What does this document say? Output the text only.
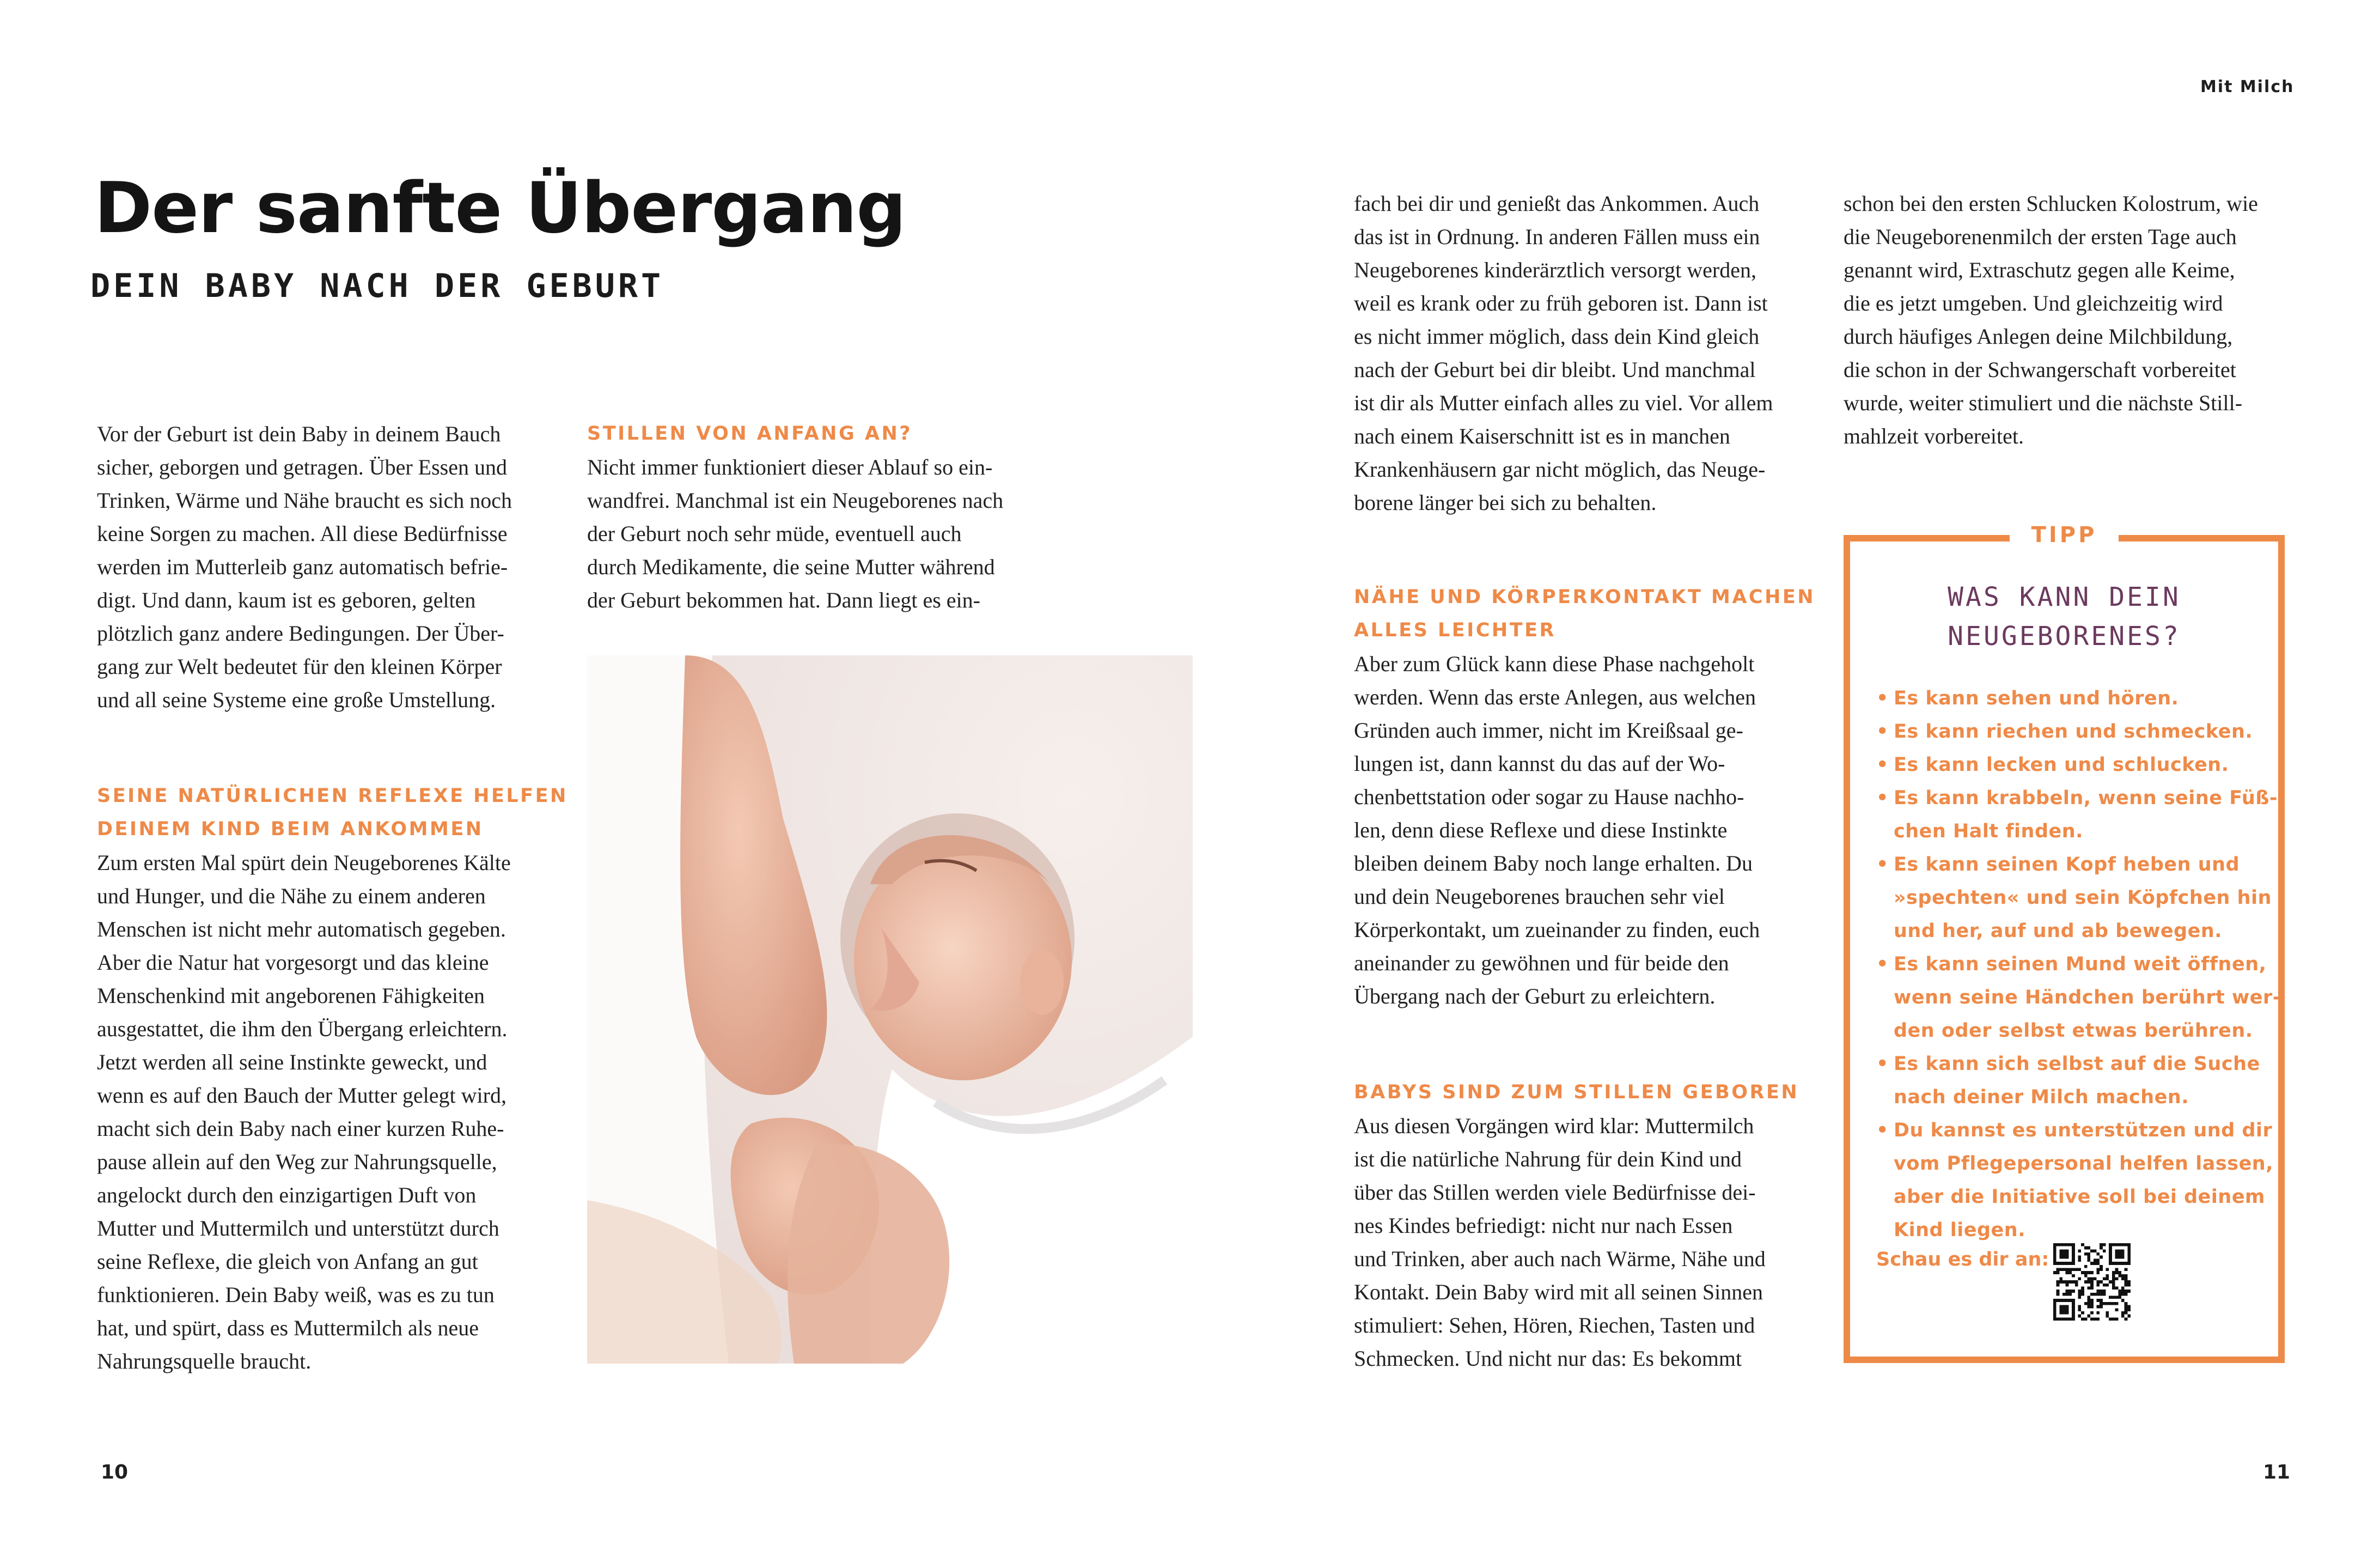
Mit Milch
Der sanfte Übergang
DEIN BABY NACH DER GEBURT
Vor der Geburt ist dein Baby in deinem Bauch
sicher, geborgen und getragen. Über Essen und
Trinken, Wärme und Nähe braucht es sich noch
keine Sorgen zu machen. All diese Bedürfnisse
werden im Mutterleib ganz automatisch befrie-
digt. Und dann, kaum ist es geboren, gelten
plötzlich ganz andere Bedingungen. Der Über-
gang zur Welt bedeutet für den kleinen Körper
und all seine Systeme eine große Umstellung.
SEINE NATÜRLICHEN REFLEXE HELFEN
DEINEM KIND BEIM ANKOMMEN
Zum ersten Mal spürt dein Neugeborenes Kälte
und Hunger, und die Nähe zu einem anderen
Menschen ist nicht mehr automatisch gegeben.
Aber die Natur hat vorgesorgt und das kleine
Menschenkind mit angeborenen Fähigkeiten
ausgestattet, die ihm den Übergang erleichtern.
Jetzt werden all seine Instinkte geweckt, und
wenn es auf den Bauch der Mutter gelegt wird,
macht sich dein Baby nach einer kurzen Ruhe-
pause allein auf den Weg zur Nahrungsquelle,
angelockt durch den einzigartigen Duft von
Mutter und Muttermilch und unterstützt durch
seine Reflexe, die gleich von Anfang an gut
funktionieren. Dein Baby weiß, was es zu tun
hat, und spürt, dass es Muttermilch als neue
Nahrungsquelle braucht.
STILLEN VON ANFANG AN?
Nicht immer funktioniert dieser Ablauf so ein-
wandfrei. Manchmal ist ein Neugeborenes nach
der Geburt noch sehr müde, eventuell auch
durch Medikamente, die seine Mutter während
der Geburt bekommen hat. Dann liegt es ein-
fach bei dir und genießt das Ankommen. Auch
das ist in Ordnung. In anderen Fällen muss ein
Neugeborenes kinderärztlich versorgt werden,
weil es krank oder zu früh geboren ist. Dann ist
es nicht immer möglich, dass dein Kind gleich
nach der Geburt bei dir bleibt. Und manchmal
ist dir als Mutter einfach alles zu viel. Vor allem
nach einem Kaiserschnitt ist es in manchen
Krankenhäusern gar nicht möglich, das Neuge-
borene länger bei sich zu behalten.
NÄHE UND KÖRPERKONTAKT MACHEN
ALLES LEICHTER
Aber zum Glück kann diese Phase nachgeholt
werden. Wenn das erste Anlegen, aus welchen
Gründen auch immer, nicht im Kreißsaal ge-
lungen ist, dann kannst du das auf der Wo-
chenbettstation oder sogar zu Hause nachho-
len, denn diese Reflexe und diese Instinkte
bleiben deinem Baby noch lange erhalten. Du
und dein Neugeborenes brauchen sehr viel
Körperkontakt, um zueinander zu finden, euch
aneinander zu gewöhnen und für beide den
Übergang nach der Geburt zu erleichtern.
BABYS SIND ZUM STILLEN GEBOREN
Aus diesen Vorgängen wird klar: Muttermilch
ist die natürliche Nahrung für dein Kind und
über das Stillen werden viele Bedürfnisse dei-
nes Kindes befriedigt: nicht nur nach Essen
und Trinken, aber auch nach Wärme, Nähe und
Kontakt. Dein Baby wird mit all seinen Sinnen
stimuliert: Sehen, Hören, Riechen, Tasten und
Schmecken. Und nicht nur das: Es bekommt
schon bei den ersten Schlucken Kolostrum, wie
die Neugeborenenmilch der ersten Tage auch
genannt wird, Extraschutz gegen alle Keime,
die es jetzt umgeben. Und gleichzeitig wird
durch häufiges Anlegen deine Milchbildung,
die schon in der Schwangerschaft vorbereitet
wurde, weiter stimuliert und die nächste Still-
mahlzeit vorbereitet.
TIPP
WAS KANN DEIN
NEUGEBORENES?
• Es kann sehen und hören.
• Es kann riechen und schmecken.
• Es kann lecken und schlucken.
• Es kann krabbeln, wenn seine Füß-
chen Halt finden.
• Es kann seinen Kopf heben und
»spechten« und sein Köpfchen hin
und her, auf und ab bewegen.
• Es kann seinen Mund weit öffnen,
wenn seine Händchen berührt wer-
den oder selbst etwas berühren.
• Es kann sich selbst auf die Suche
nach deiner Milch machen.
• Du kannst es unterstützen und dir
vom Pflegepersonal helfen lassen,
aber die Initiative soll bei deinem
Kind liegen.
Schau es dir an:
10	11
